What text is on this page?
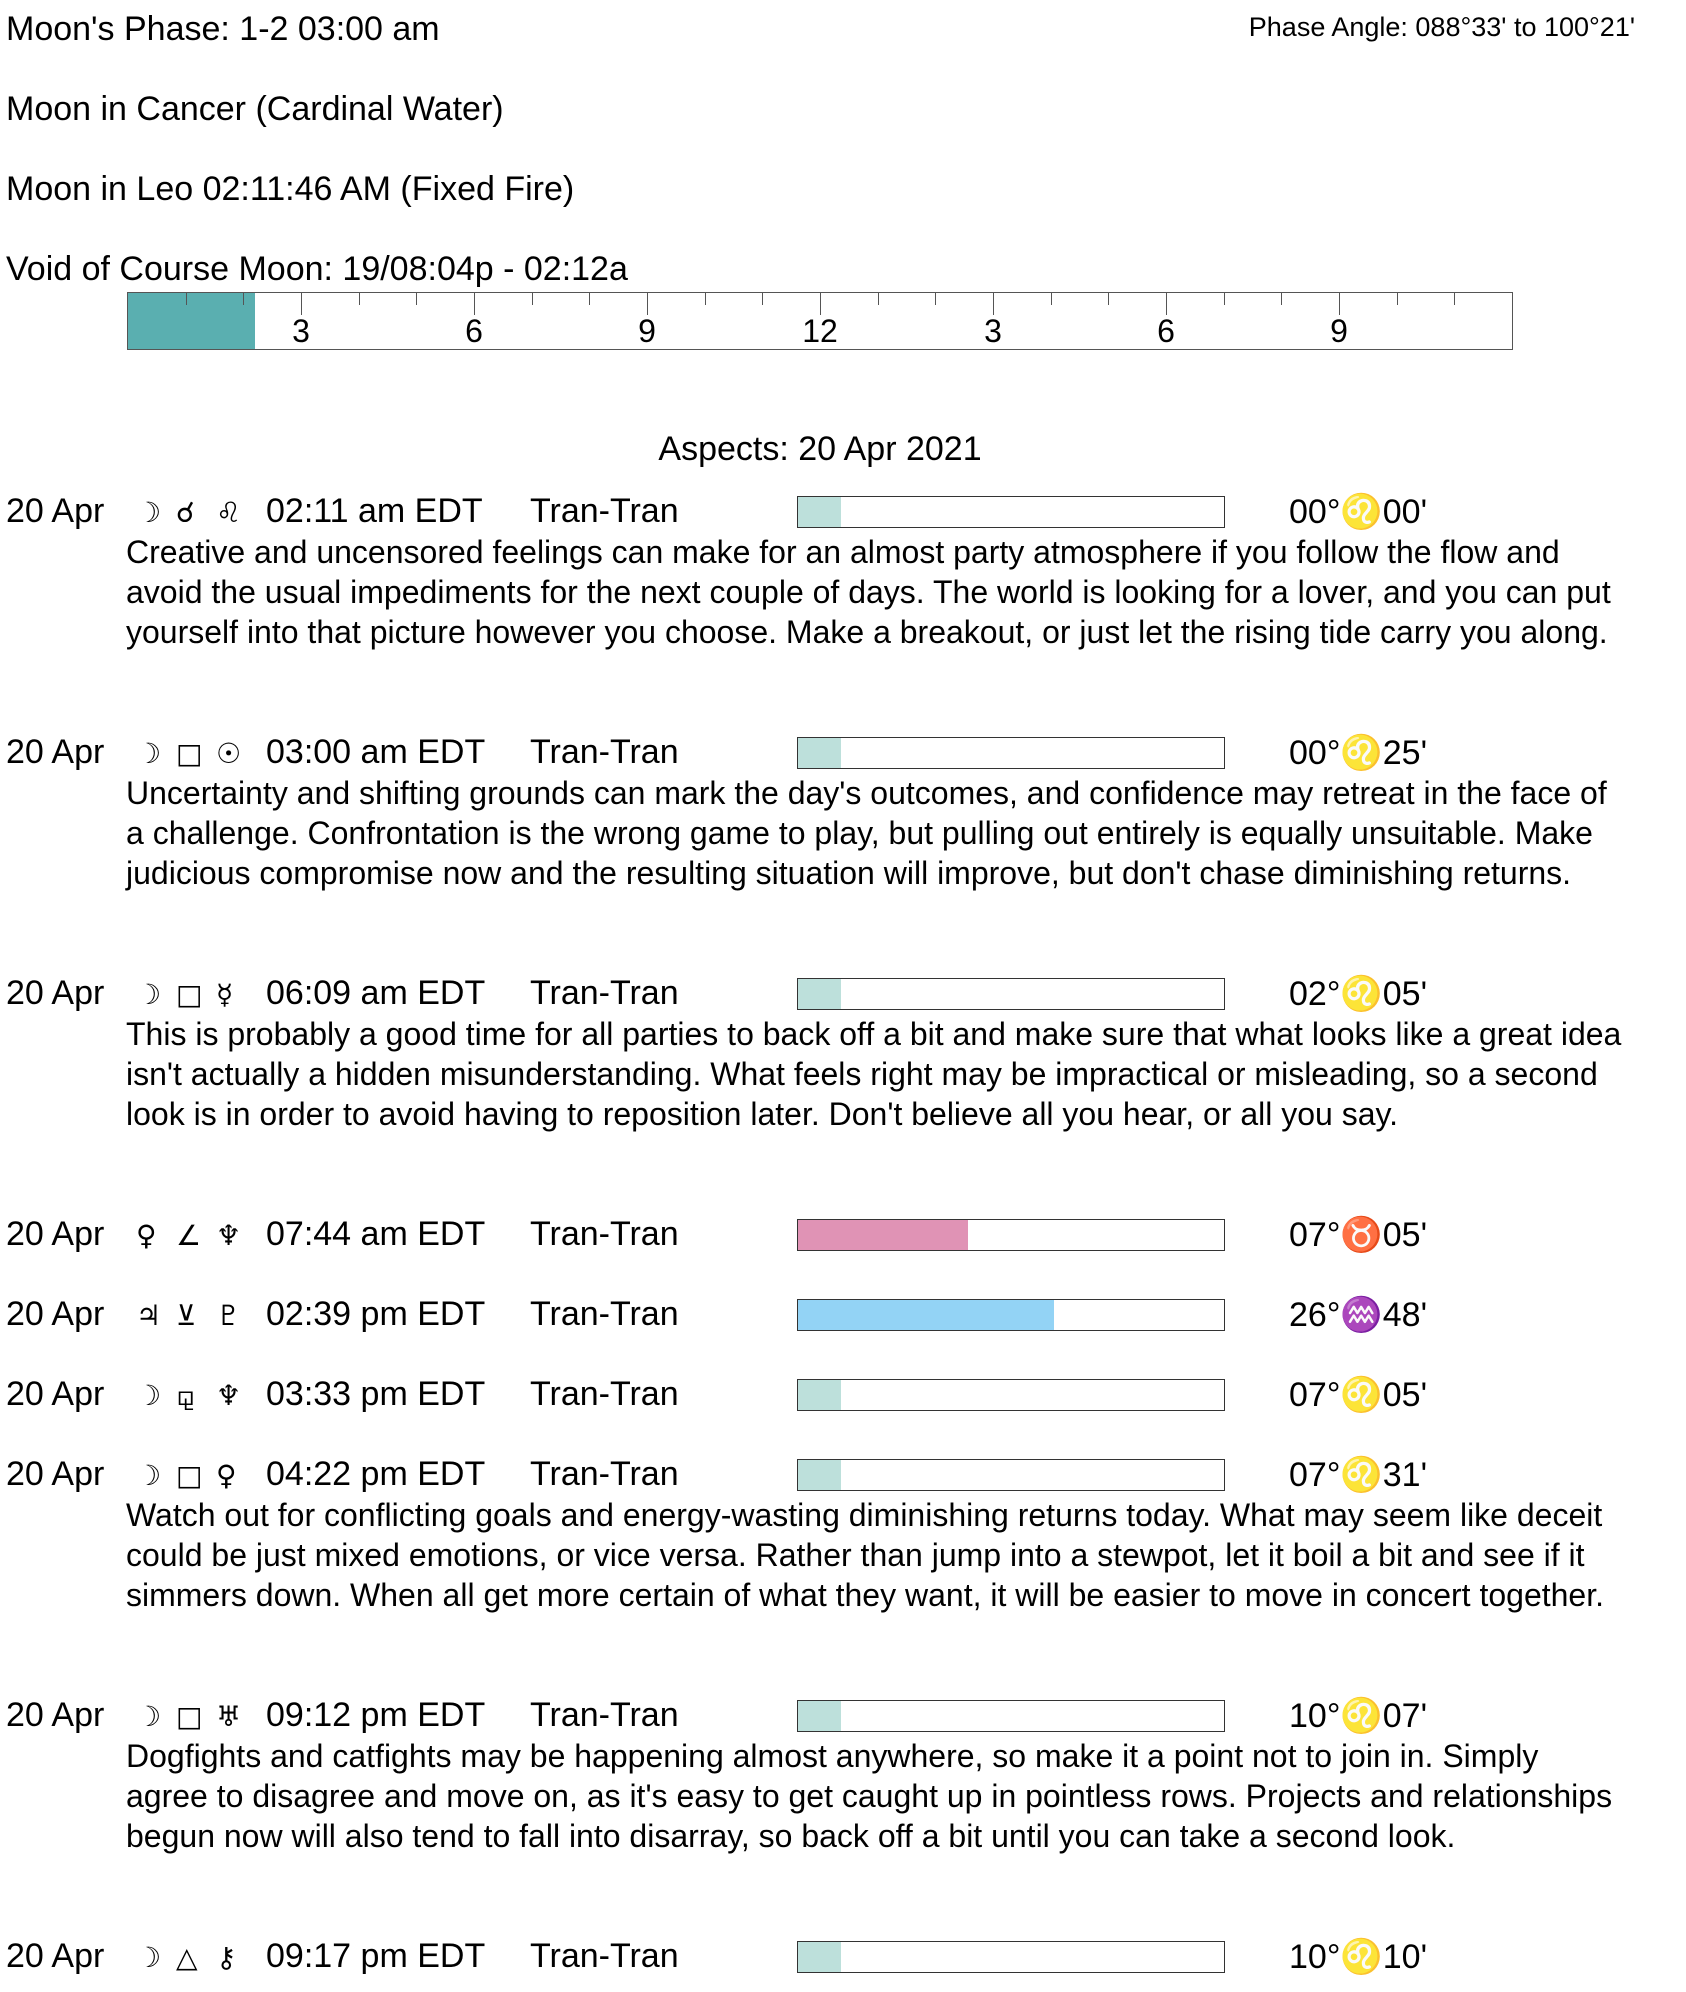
Moon's Phase: 1-2 03:00 am	Phase Angle: 088°33' to 100°21'
Moon in Cancer (Cardinal Water)
Moon in Leo 02:11:46 AM (Fixed Fire)
Void of Course Moon: 19/08:04p - 02:12a
3	6	9	12	3	6	9
Aspects: 20 Apr 2021
20 Apr ☽ ☌ ♌ 02:11 am EDT Tran-Tran	00°♌00'
Creative and uncensored feelings can make for an almost party atmosphere if you follow the flow and avoid the usual impediments for the next couple of days. The world is looking for a lover, and you can put yourself into that picture however you choose. Make a breakout, or just let the rising tide carry you along.
20 Apr ☽ □ ☉ 03:00 am EDT Tran-Tran	00°♌25'
Uncertainty and shifting grounds can mark the day's outcomes, and confidence may retreat in the face of a challenge. Confrontation is the wrong game to play, but pulling out entirely is equally unsuitable. Make judicious compromise now and the resulting situation will improve, but don't chase diminishing returns.
20 Apr ☽ □ ☿ 06:09 am EDT Tran-Tran	02°♌05'
This is probably a good time for all parties to back off a bit and make sure that what looks like a great idea isn't actually a hidden misunderstanding. What feels right may be impractical or misleading, so a second look is in order to avoid having to reposition later. Don't believe all you hear, or all you say.
20 Apr ♀ ∠ ♆ 07:44 am EDT Tran-Tran	07°♉05'
20 Apr ♃ ⊻ ♇ 02:39 pm EDT Tran-Tran	26°♒48'
20 Apr ☽ ⚼ ♆ 03:33 pm EDT Tran-Tran	07°♌05'
20 Apr ☽ □ ♀ 04:22 pm EDT Tran-Tran	07°♌31'
Watch out for conflicting goals and energy-wasting diminishing returns today. What may seem like deceit could be just mixed emotions, or vice versa. Rather than jump into a stewpot, let it boil a bit and see if it simmers down. When all get more certain of what they want, it will be easier to move in concert together.
20 Apr ☽ □ ♅ 09:12 pm EDT Tran-Tran	10°♌07'
Dogfights and catfights may be happening almost anywhere, so make it a point not to join in. Simply agree to disagree and move on, as it's easy to get caught up in pointless rows. Projects and relationships begun now will also tend to fall into disarray, so back off a bit until you can take a second look.
20 Apr ☽ △ ⚷ 09:17 pm EDT Tran-Tran	10°♌10'
